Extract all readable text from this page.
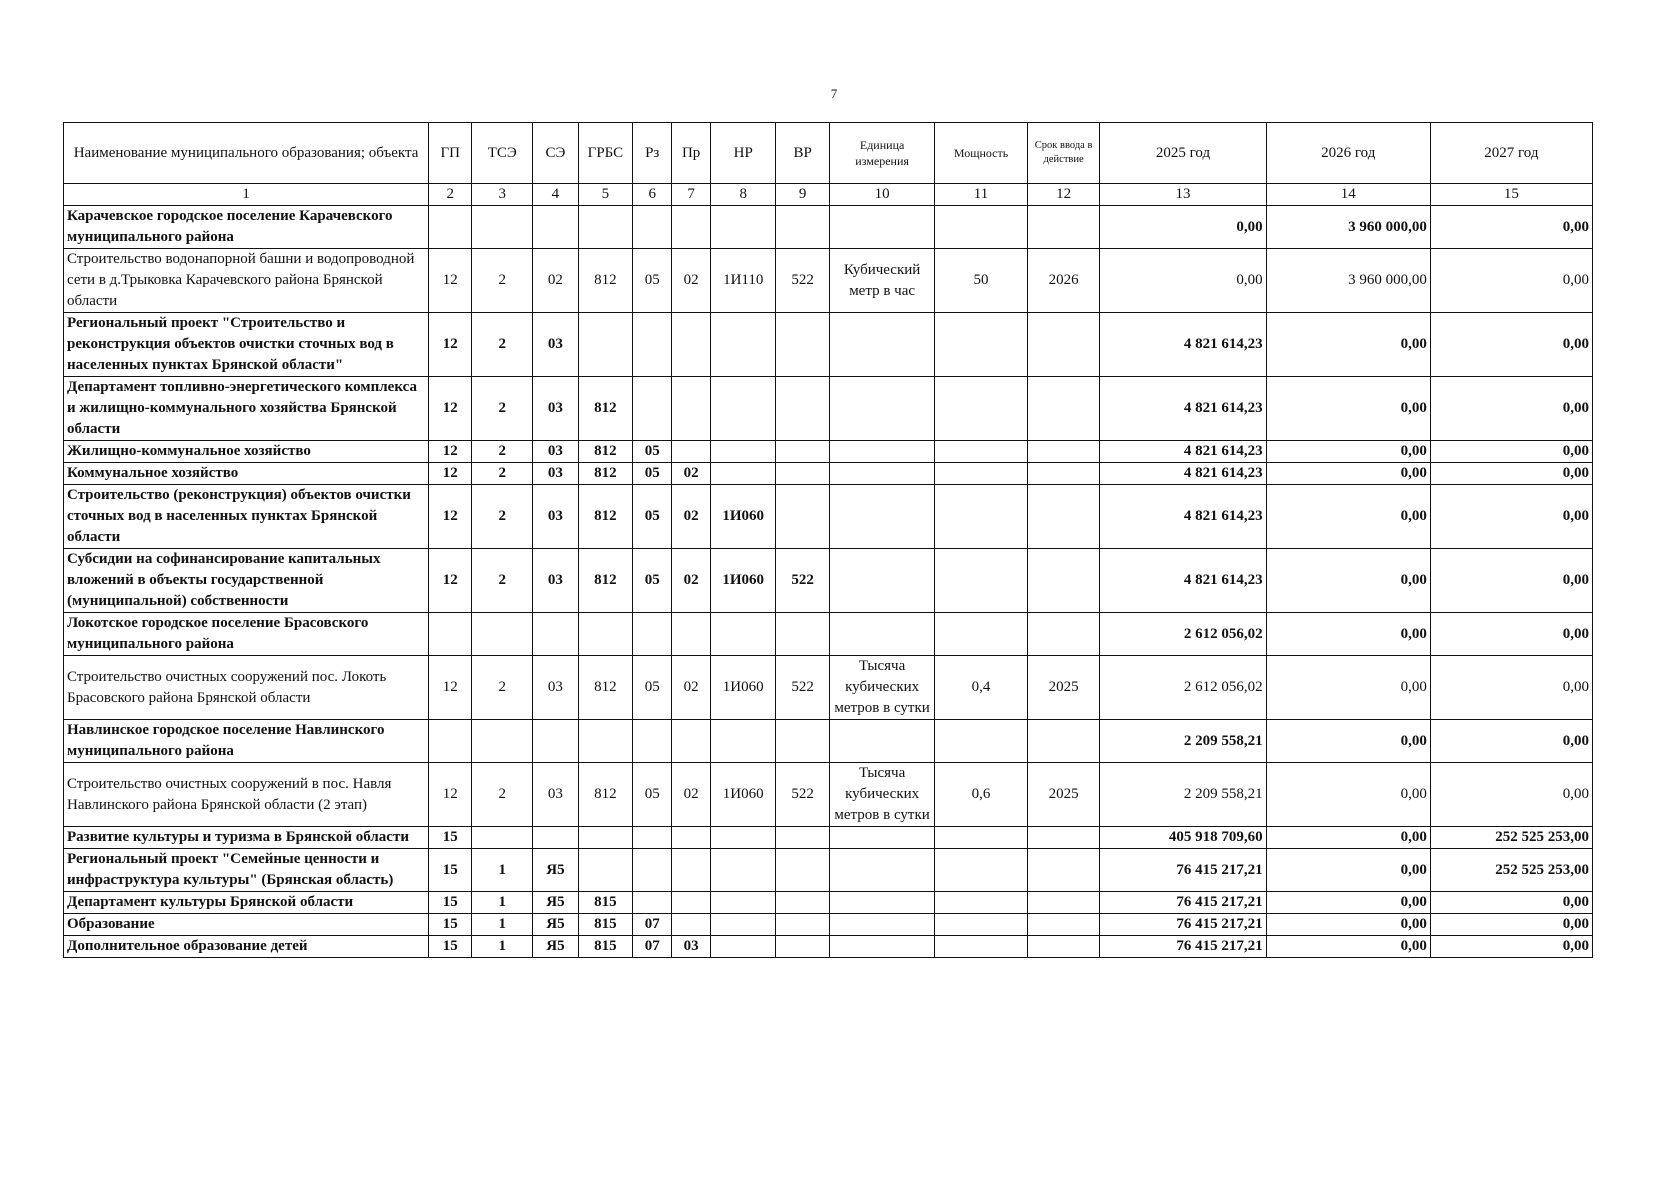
7
Наименование муниципального образования; объекта	ГП	ТСЭ	СЭ	ГРБС	Рз	Пр	НР	ВР	Единица измерения	Мощность	Срок ввода в действие	2025 год	2026 год	2027 год
1	2	3	4	5	6	7	8	9	10	11	12	13	14	15
Карачевское городское поселение Карачевского муниципального района												0,00	3 960 000,00	0,00
Строительство водонапорной башни и водопроводной сети в д.Трыковка Карачевского района Брянской области	12	2	02	812	05	02	1И110	522	Кубический метр в час	50	2026	0,00	3 960 000,00	0,00
Региональный проект "Строительство и реконструкция объектов очистки сточных вод в населенных пунктах Брянской области"	12	2	03									4 821 614,23	0,00	0,00
Департамент топливно-энергетического комплекса и жилищно-коммунального хозяйства Брянской области	12	2	03	812								4 821 614,23	0,00	0,00
Жилищно-коммунальное хозяйство	12	2	03	812	05							4 821 614,23	0,00	0,00
Коммунальное хозяйство	12	2	03	812	05	02						4 821 614,23	0,00	0,00
Строительство (реконструкция) объектов очистки сточных вод в населенных пунктах Брянской области	12	2	03	812	05	02	1И060					4 821 614,23	0,00	0,00
Субсидии на софинансирование капитальных вложений в объекты государственной (муниципальной) собственности	12	2	03	812	05	02	1И060	522				4 821 614,23	0,00	0,00
Локотское городское поселение Брасовского муниципального района												2 612 056,02	0,00	0,00
Строительство очистных сооружений пос. Локоть Брасовского района Брянской области	12	2	03	812	05	02	1И060	522	Тысяча кубических метров в сутки	0,4	2025	2 612 056,02	0,00	0,00
Навлинское городское поселение Навлинского муниципального района												2 209 558,21	0,00	0,00
Строительство очистных сооружений в пос. Навля Навлинского района Брянской области (2 этап)	12	2	03	812	05	02	1И060	522	Тысяча кубических метров в сутки	0,6	2025	2 209 558,21	0,00	0,00
Развитие культуры и туризма в Брянской области	15											405 918 709,60	0,00	252 525 253,00
Региональный проект "Семейные ценности и инфраструктура культуры" (Брянская область)	15	1	Я5									76 415 217,21	0,00	252 525 253,00
Департамент культуры Брянской области	15	1	Я5	815								76 415 217,21	0,00	0,00
Образование	15	1	Я5	815	07							76 415 217,21	0,00	0,00
Дополнительное образование детей	15	1	Я5	815	07	03						76 415 217,21	0,00	0,00
